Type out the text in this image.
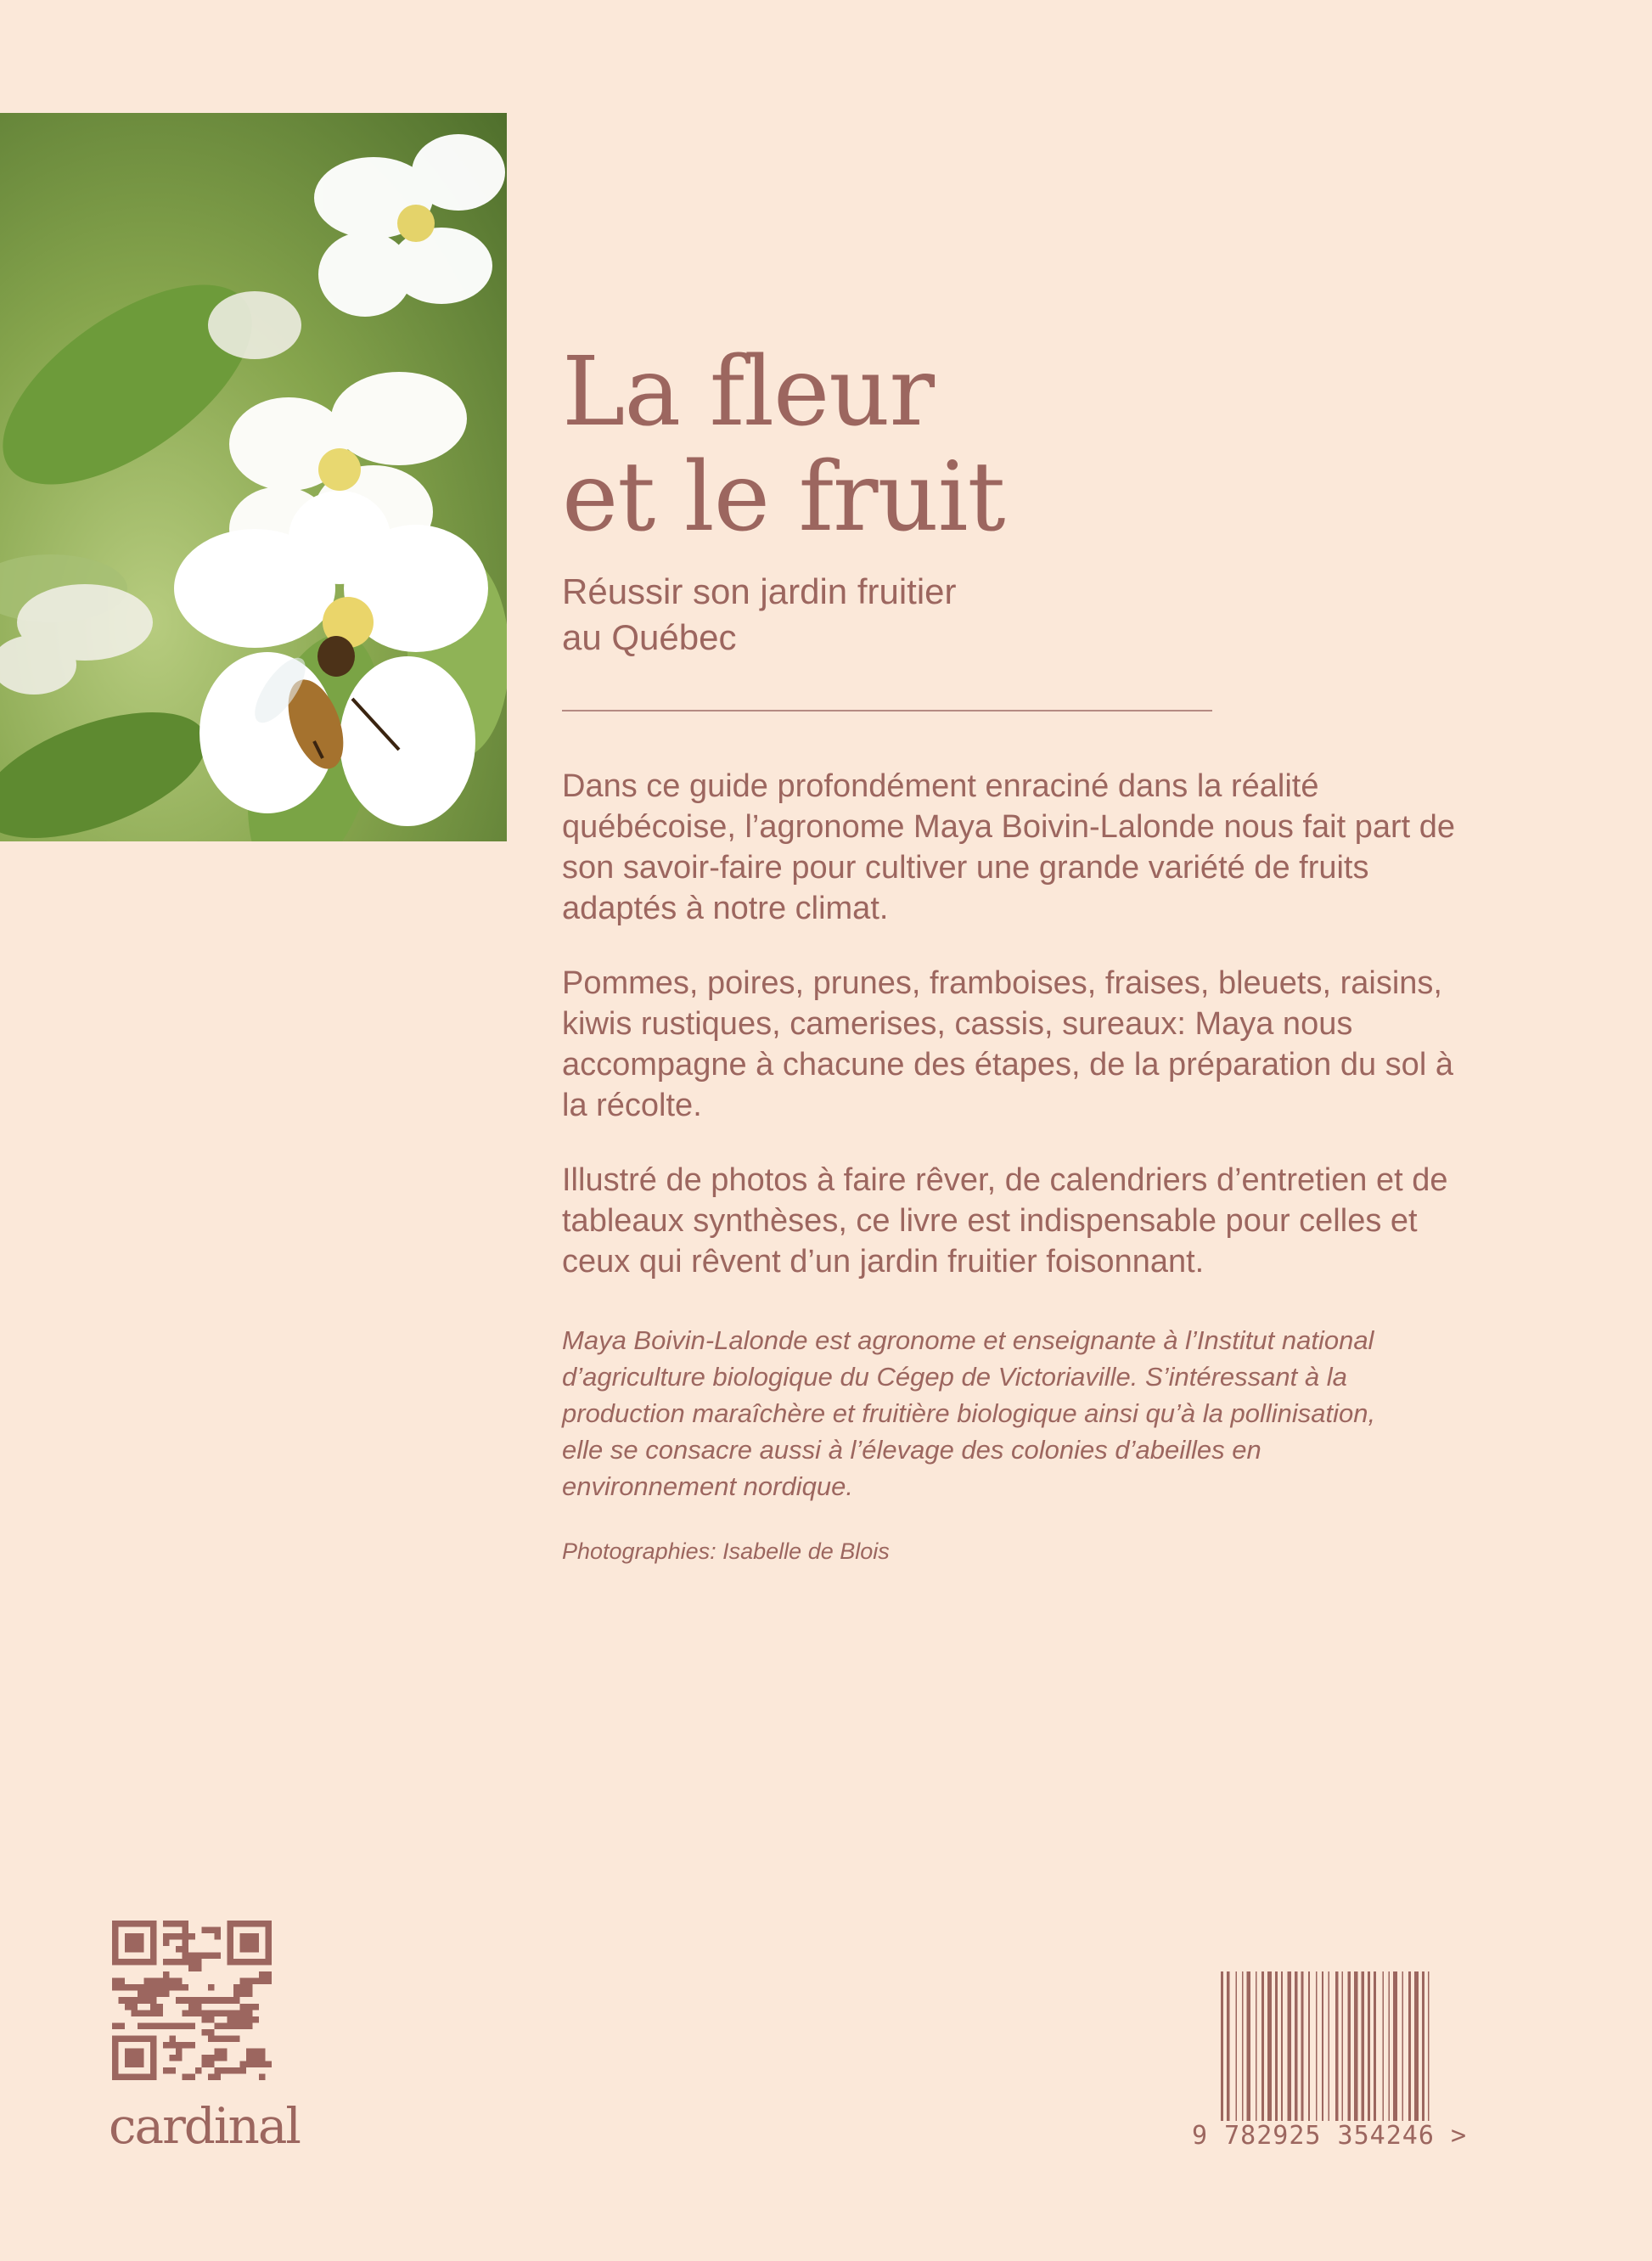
La fleur
et le fruit
Réussir son jardin fruitier
au Québec

Dans ce guide profondément enraciné dans la réalité québécoise, l’agronome Maya Boivin-Lalonde nous fait part de son savoir-faire pour cultiver une grande variété de fruits adaptés à notre climat.

Pommes, poires, prunes, framboises, fraises, bleuets, raisins, kiwis rustiques, camerises, cassis, sureaux: Maya nous accompagne à chacune des étapes, de la préparation du sol à la récolte.

Illustré de photos à faire rêver, de calendriers d’entretien et de tableaux synthèses, ce livre est indispensable pour celles et ceux qui rêvent d’un jardin fruitier foisonnant.

Maya Boivin-Lalonde est agronome et enseignante à l’Institut national d’agriculture biologique du Cégep de Victoriaville. S’intéressant à la production maraîchère et fruitière biologique ainsi qu’à la pollinisation, elle se consacre aussi à l’élevage des colonies d’abeilles en environnement nordique.

Photographies: Isabelle de Blois
cardinal	9 782925 354246 >
